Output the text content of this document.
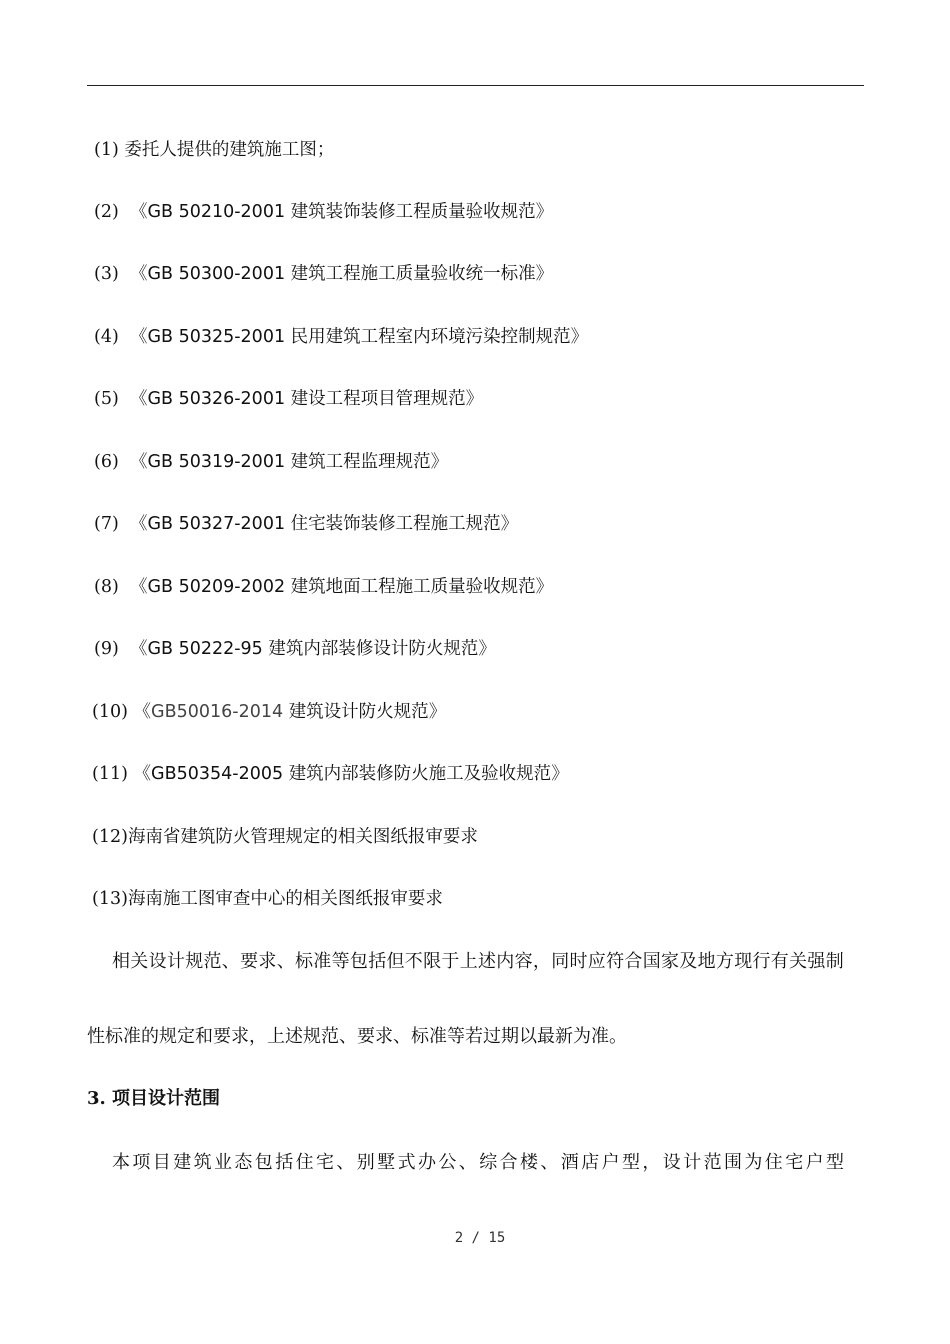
(1) 委托人提供的建筑施工图；
(2) 《GB 50210-2001 建筑装饰装修工程质量验收规范》
(3) 《GB 50300-2001 建筑工程施工质量验收统一标准》
(4) 《GB 50325-2001 民用建筑工程室内环境污染控制规范》
(5) 《GB 50326-2001 建设工程项目管理规范》
(6) 《GB 50319-2001 建筑工程监理规范》
(7) 《GB 50327-2001 住宅装饰装修工程施工规范》
(8) 《GB 50209-2002 建筑地面工程施工质量验收规范》
(9) 《GB 50222-95 建筑内部装修设计防火规范》
(10) 《GB50016-2014 建筑设计防火规范》
(11) 《GB50354-2005 建筑内部装修防火施工及验收规范》
(12)海南省建筑防火管理规定的相关图纸报审要求
(13)海南施工图审查中心的相关图纸报审要求
相关设计规范、要求、标准等包括但不限于上述内容，同时应符合国家及地方现行有关强制
性标准的规定和要求，上述规范、要求、标准等若过期以最新为准。
3. 项目设计范围
本项目建筑业态包括住宅、别墅式办公、综合楼、酒店户型，设计范围为住宅户型
2 / 15
